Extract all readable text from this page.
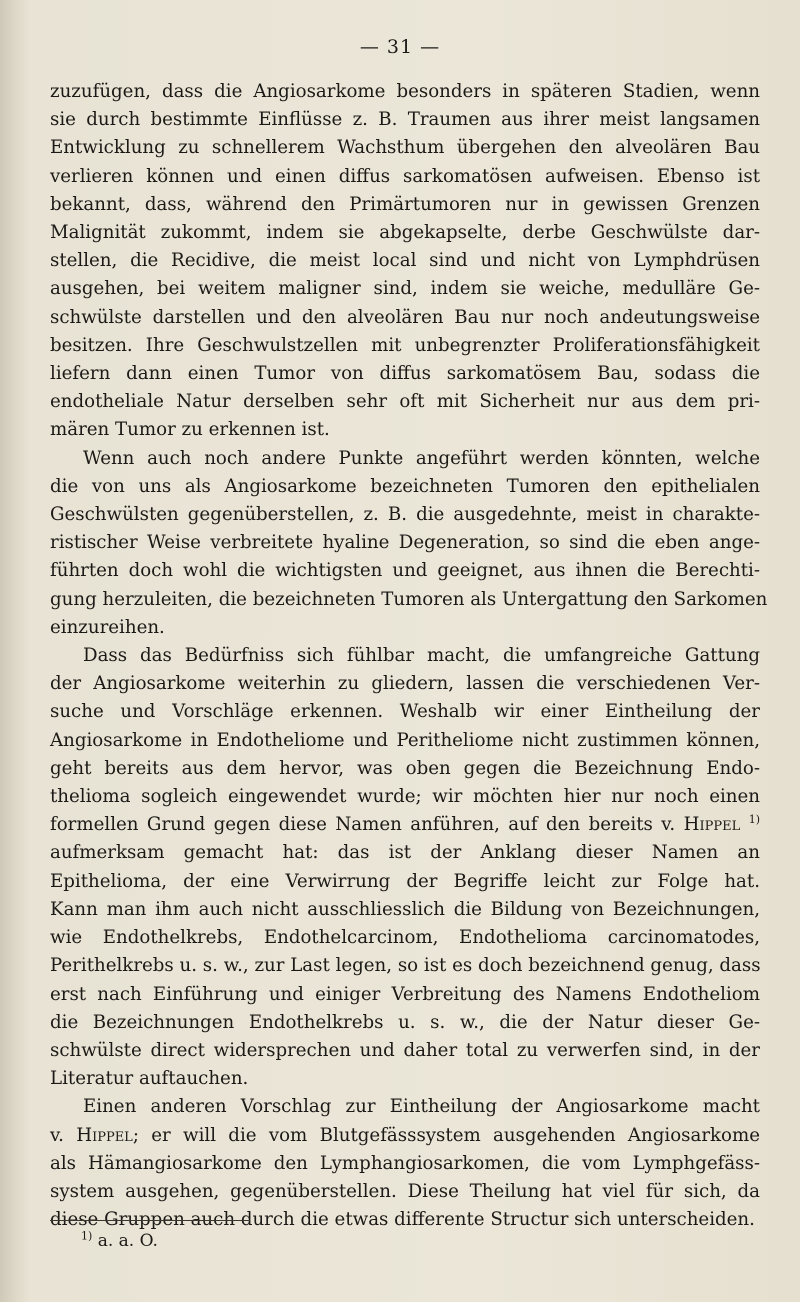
— 31 —

zuzufügen, dass die Angiosarkome besonders in späteren Stadien, wenn
sie durch bestimmte Einflüsse z. B. Traumen aus ihrer meist langsamen
Entwicklung zu schnellerem Wachsthum übergehen den alveolären Bau
verlieren können und einen diffus sarkomatösen aufweisen. Ebenso ist
bekannt, dass, während den Primärtumoren nur in gewissen Grenzen
Malignität zukommt, indem sie abgekapselte, derbe Geschwülste dar-
stellen, die Recidive, die meist local sind und nicht von Lymphdrüsen
ausgehen, bei weitem maligner sind, indem sie weiche, medulläre Ge-
schwülste darstellen und den alveolären Bau nur noch andeutungsweise
besitzen. Ihre Geschwulstzellen mit unbegrenzter Proliferationsfähigkeit
liefern dann einen Tumor von diffus sarkomatösem Bau, sodass die
endotheliale Natur derselben sehr oft mit Sicherheit nur aus dem pri-
mären Tumor zu erkennen ist.

Wenn auch noch andere Punkte angeführt werden könnten, welche
die von uns als Angiosarkome bezeichneten Tumoren den epithelialen
Geschwülsten gegenüberstellen, z. B. die ausgedehnte, meist in charakte-
ristischer Weise verbreitete hyaline Degeneration, so sind die eben ange-
führten doch wohl die wichtigsten und geeignet, aus ihnen die Berechti-
gung herzuleiten, die bezeichneten Tumoren als Untergattung den Sarkomen
einzureihen.

Dass das Bedürfniss sich fühlbar macht, die umfangreiche Gattung
der Angiosarkome weiterhin zu gliedern, lassen die verschiedenen Ver-
suche und Vorschläge erkennen. Weshalb wir einer Eintheilung der
Angiosarkome in Endotheliome und Peritheliome nicht zustimmen können,
geht bereits aus dem hervor, was oben gegen die Bezeichnung Endo-
thelioma sogleich eingewendet wurde; wir möchten hier nur noch einen
formellen Grund gegen diese Namen anführen, auf den bereits v. Hippel $^{1)}$
aufmerksam gemacht hat: das ist der Anklang dieser Namen an
Epithelioma, der eine Verwirrung der Begriffe leicht zur Folge hat.
Kann man ihm auch nicht ausschliesslich die Bildung von Bezeichnungen,
wie Endothelkrebs, Endothelcarcinom, Endothelioma carcinomatodes,
Perithelkrebs u. s. w., zur Last legen, so ist es doch bezeichnend genug, dass
erst nach Einführung und einiger Verbreitung des Namens Endotheliom
die Bezeichnungen Endothelkrebs u. s. w., die der Natur dieser Ge-
schwülste direct widersprechen und daher total zu verwerfen sind, in der
Literatur auftauchen.

Einen anderen Vorschlag zur Eintheilung der Angiosarkome macht
v. Hippel; er will die vom Blutgefässsystem ausgehenden Angiosarkome
als Hämangiosarkome den Lymphangiosarkomen, die vom Lymphgefäss-
system ausgehen, gegenüberstellen. Diese Theilung hat viel für sich, da
diese Gruppen auch durch die etwas differente Structur sich unterscheiden.

$^{1)}$ a. a. O.
